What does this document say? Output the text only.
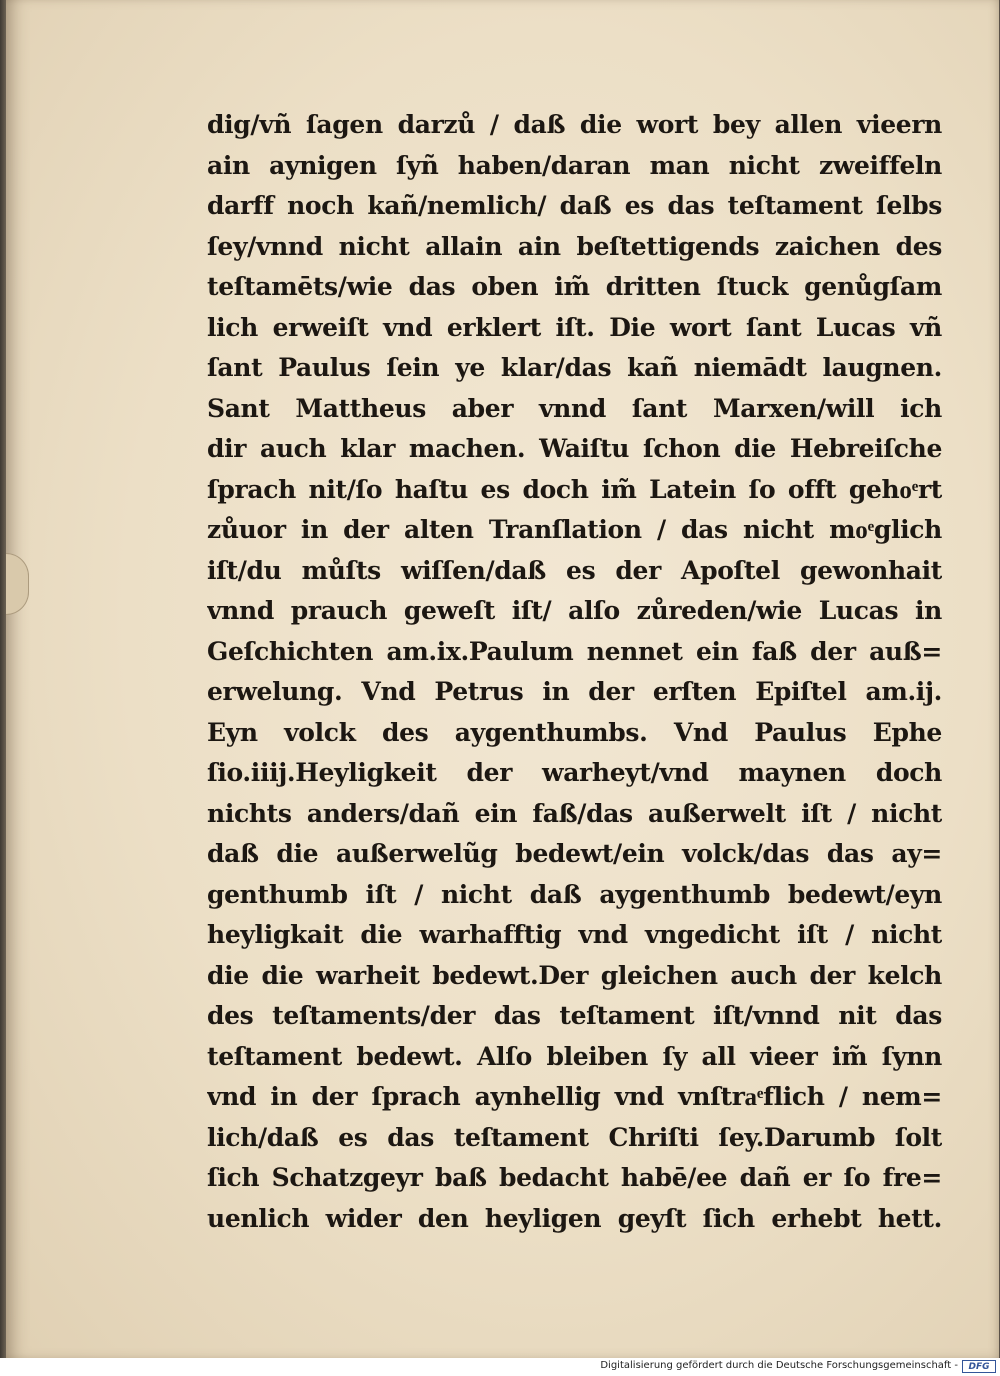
dig/vñ ſagen darzů / daß die wort bey allen vieern
ain aynigen ſyñ haben/daran man nicht zweiffeln
darff noch kañ/nemlich/ daß es das teſtament ſelbs
ſey/vnnd nicht allain ain beſtettigends zaichen des
teſtamēts/wie das oben im̃ dritten ſtuck genůgſam
lich erweiſt vnd erklert iſt. Die wort ſant Lucas vñ
ſant Paulus ſein ye klar/das kañ niemādt laugnen.
Sant Mattheus aber vnnd ſant Marxen/will ich
dir auch klar machen. Waiſtu ſchon die Hebreiſche
ſprach nit/ſo haſtu es doch im̃ Latein ſo offt gehoͤrt
zůuor in der alten Tranſlation / das nicht moͤglich
iſt/du můſts wiſſen/daß es der Apoſtel gewonhait
vnnd prauch geweſt iſt/ alſo zůreden/wie Lucas in
Geſchichten am.ix.Paulum nennet ein faß der auß=
erwelung. Vnd Petrus in der erſten Epiſtel am.ij.
Eyn volck des aygenthumbs. Vnd Paulus Ephe
ſio.iiij.Heyligkeit der warheyt/vnd maynen doch
nichts anders/dañ ein faß/das außerwelt iſt / nicht
daß die außerwelũg bedewt/ein volck/das das ay=
genthumb iſt / nicht daß aygenthumb bedewt/eyn
heyligkait die warhafftig vnd vngedicht iſt / nicht
die die warheit bedewt.Der gleichen auch der kelch
des teſtaments/der das teſtament iſt/vnnd nit das
teſtament bedewt. Alſo bleiben ſy all vieer im̃ ſynn
vnd in der ſprach aynhellig vnd vnſtraͤflich / nem=
lich/daß es das teſtament Chriſti ſey.Darumb ſolt
ſich Schatzgeyr baß bedacht habē/ee dañ er ſo fre=
uenlich wider den heyligen geyſt ſich erhebt hett.
Digitalisierung gefördert durch die Deutsche Forschungsgemeinschaft -	DFG
